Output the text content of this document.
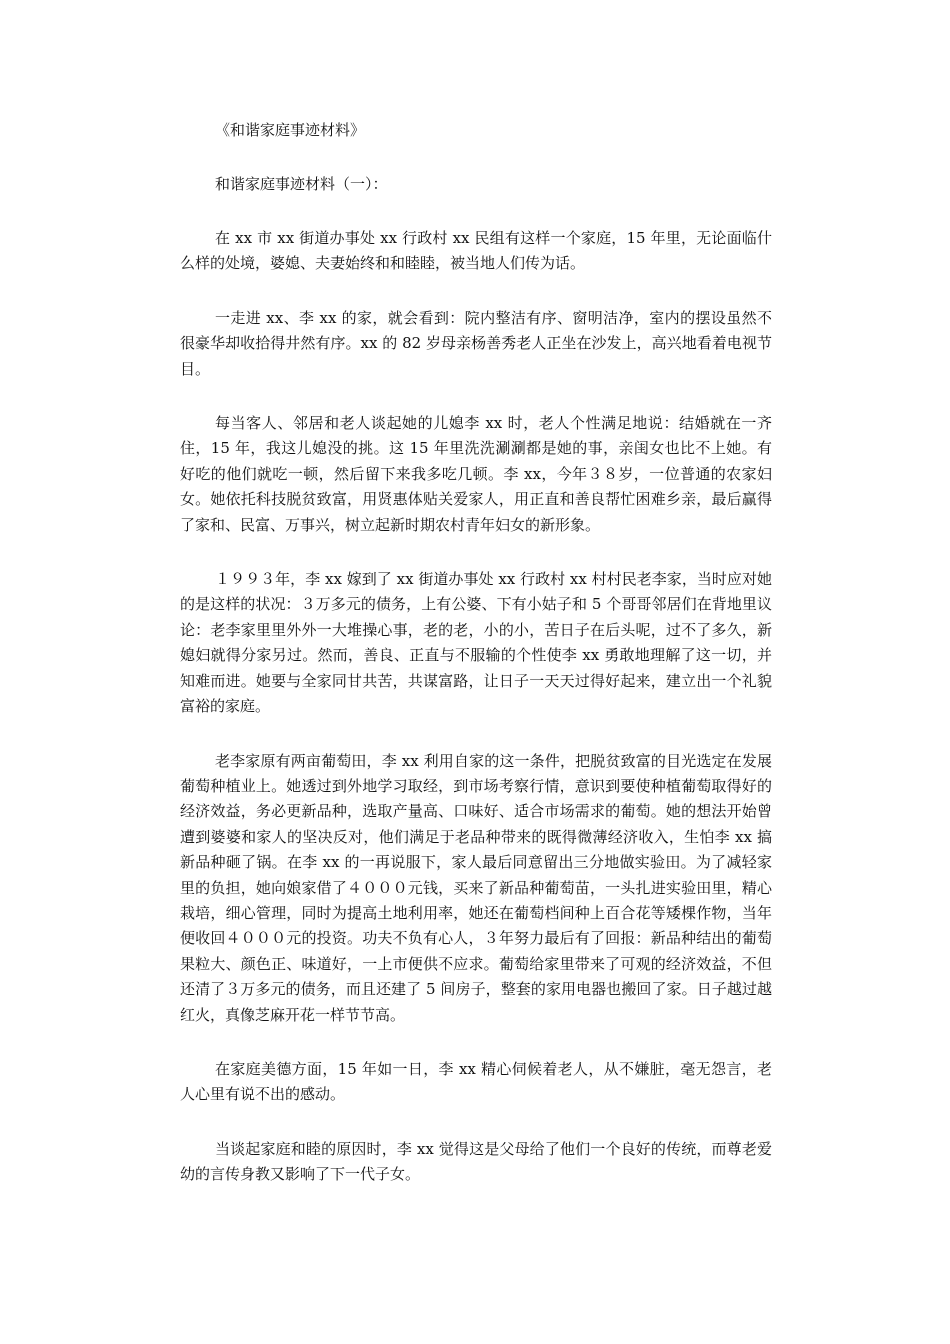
《和谐家庭事迹材料》

和谐家庭事迹材料（一）：

在 xx 市 xx 街道办事处 xx 行政村 xx 民组有这样一个家庭，15 年里，无论面临什么样的处境，婆媳、夫妻始终和和睦睦，被当地人们传为话。

一走进 xx、李 xx 的家，就会看到：院内整洁有序、窗明洁净，室内的摆设虽然不很豪华却收拾得井然有序。xx 的 82 岁母亲杨善秀老人正坐在沙发上，高兴地看着电视节目。

每当客人、邻居和老人谈起她的儿媳李 xx 时，老人个性满足地说：结婚就在一齐住，15 年，我这儿媳没的挑。这 15 年里洗洗涮涮都是她的事，亲闺女也比不上她。有好吃的他们就吃一顿，然后留下来我多吃几顿。李 xx，今年３８岁，一位普通的农家妇女。她依托科技脱贫致富，用贤惠体贴关爱家人，用正直和善良帮忙困难乡亲，最后赢得了家和、民富、万事兴，树立起新时期农村青年妇女的新形象。

１９９３年，李 xx 嫁到了 xx 街道办事处 xx 行政村 xx 村村民老李家，当时应对她的是这样的状况：３万多元的债务，上有公婆、下有小姑子和 5 个哥哥邻居们在背地里议论：老李家里里外外一大堆操心事，老的老，小的小，苦日子在后头呢，过不了多久，新媳妇就得分家另过。然而，善良、正直与不服输的个性使李 xx 勇敢地理解了这一切，并知难而进。她要与全家同甘共苦，共谋富路，让日子一天天过得好起来，建立出一个礼貌富裕的家庭。

老李家原有两亩葡萄田，李 xx 利用自家的这一条件，把脱贫致富的目光选定在发展葡萄种植业上。她透过到外地学习取经，到市场考察行情，意识到要使种植葡萄取得好的经济效益，务必更新品种，选取产量高、口味好、适合市场需求的葡萄。她的想法开始曾遭到婆婆和家人的坚决反对，他们满足于老品种带来的既得微薄经济收入，生怕李 xx 搞新品种砸了锅。在李 xx 的一再说服下，家人最后同意留出三分地做实验田。为了减轻家里的负担，她向娘家借了４０００元钱，买来了新品种葡萄苗，一头扎进实验田里，精心栽培，细心管理，同时为提高土地利用率，她还在葡萄档间种上百合花等矮棵作物，当年便收回４０００元的投资。功夫不负有心人，３年努力最后有了回报：新品种结出的葡萄果粒大、颜色正、味道好，一上市便供不应求。葡萄给家里带来了可观的经济效益，不但还清了３万多元的债务，而且还建了 5 间房子，整套的家用电器也搬回了家。日子越过越红火，真像芝麻开花一样节节高。

在家庭美德方面，15 年如一日，李 xx 精心伺候着老人，从不嫌脏，毫无怨言，老人心里有说不出的感动。

当谈起家庭和睦的原因时，李 xx 觉得这是父母给了他们一个良好的传统，而尊老爱幼的言传身教又影响了下一代子女。
